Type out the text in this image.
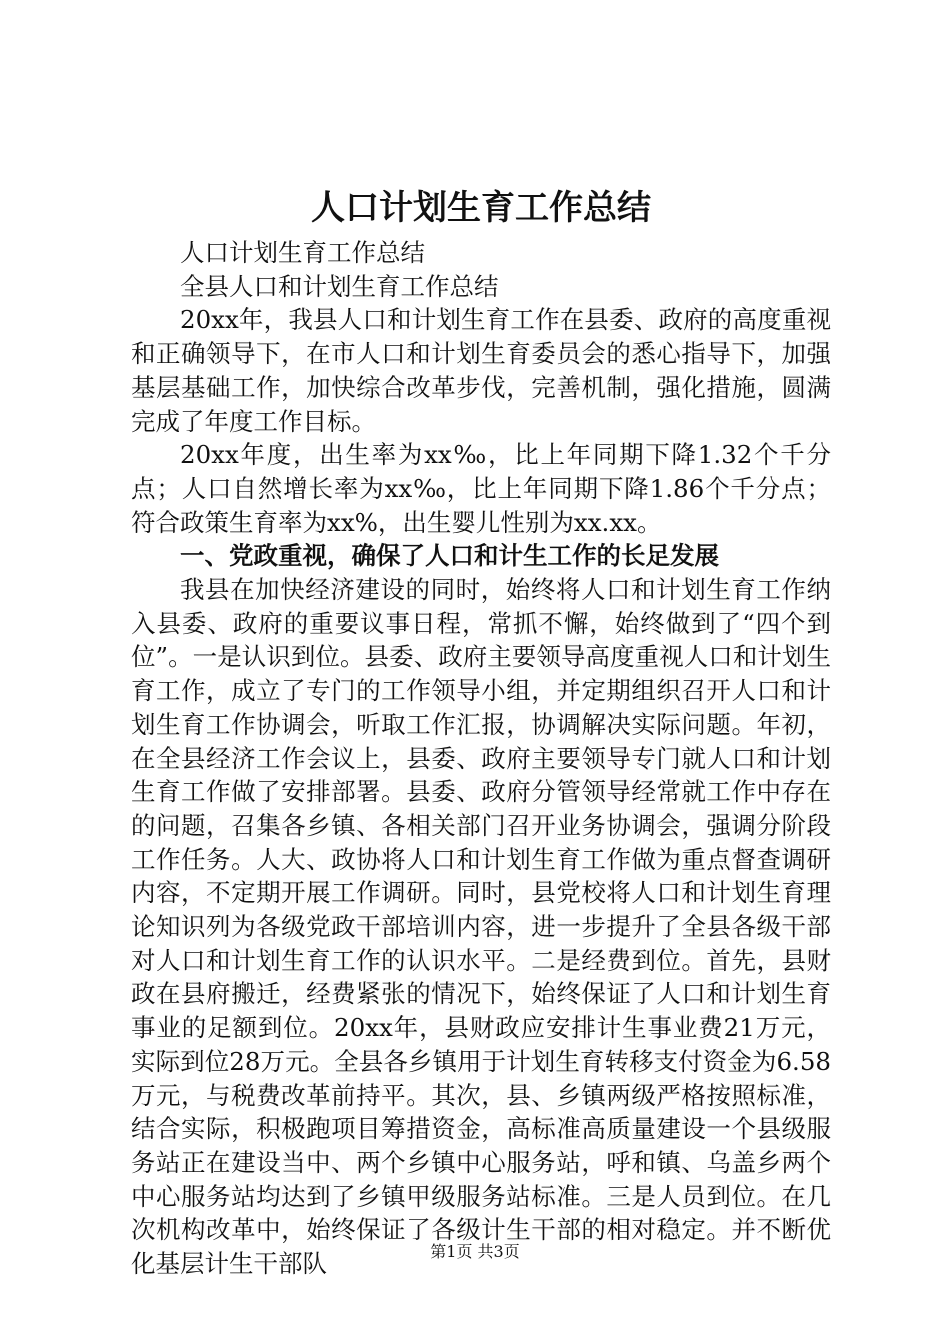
人口计划生育工作总结

人口计划生育工作总结

全县人口和计划生育工作总结

20xx年，我县人口和计划生育工作在县委、政府的高度重视和正确领导下，在市人口和计划生育委员会的悉心指导下，加强基层基础工作，加快综合改革步伐，完善机制，强化措施，圆满完成了年度工作目标。

20xx年度，出生率为xx‰，比上年同期下降1.32个千分点；人口自然增长率为xx‰，比上年同期下降1.86个千分点；符合政策生育率为xx%，出生婴儿性别为xx.xx。

一、党政重视，确保了人口和计生工作的长足发展

我县在加快经济建设的同时，始终将人口和计划生育工作纳入县委、政府的重要议事日程，常抓不懈，始终做到了“四个到位”。一是认识到位。县委、政府主要领导高度重视人口和计划生育工作，成立了专门的工作领导小组，并定期组织召开人口和计划生育工作协调会，听取工作汇报，协调解决实际问题。年初，在全县经济工作会议上，县委、政府主要领导专门就人口和计划生育工作做了安排部署。县委、政府分管领导经常就工作中存在的问题，召集各乡镇、各相关部门召开业务协调会，强调分阶段工作任务。人大、政协将人口和计划生育工作做为重点督查调研内容，不定期开展工作调研。同时，县党校将人口和计划生育理论知识列为各级党政干部培训内容，进一步提升了全县各级干部对人口和计划生育工作的认识水平。二是经费到位。首先，县财政在县府搬迁，经费紧张的情况下，始终保证了人口和计划生育事业的足额到位。20xx年，县财政应安排计生事业费21万元，实际到位28万元。全县各乡镇用于计划生育转移支付资金为6.58万元，与税费改革前持平。其次，县、乡镇两级严格按照标准，结合实际，积极跑项目筹措资金，高标准高质量建设一个县级服务站正在建设当中、两个乡镇中心服务站，呼和镇、乌盖乡两个中心服务站均达到了乡镇甲级服务站标准。三是人员到位。在几次机构改革中，始终保证了各级计生干部的相对稳定。并不断优化基层计生干部队	第1页 共3页
